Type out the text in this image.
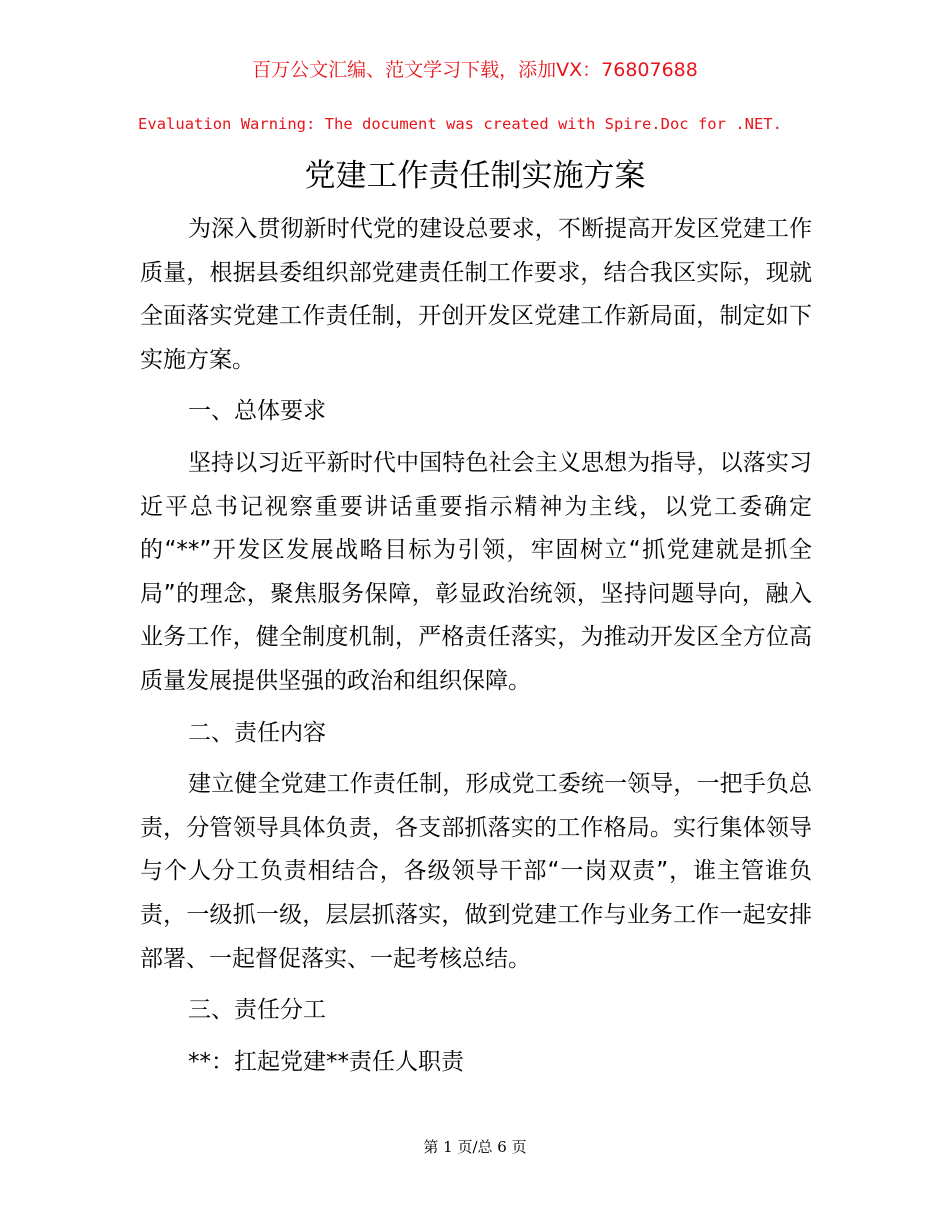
百万公文汇编、范文学习下载，添加VX：76807688
Evaluation Warning: The document was created with Spire.Doc for .NET.
党建工作责任制实施方案

为深入贯彻新时代党的建设总要求，不断提高开发区党建工作质量，根据县委组织部党建责任制工作要求，结合我区实际，现就全面落实党建工作责任制，开创开发区党建工作新局面，制定如下实施方案。

一、总体要求

坚持以习近平新时代中国特色社会主义思想为指导，以落实习近平总书记视察重要讲话重要指示精神为主线，以党工委确定的“**”开发区发展战略目标为引领，牢固树立“抓党建就是抓全局”的理念，聚焦服务保障，彰显政治统领，坚持问题导向，融入业务工作，健全制度机制，严格责任落实，为推动开发区全方位高质量发展提供坚强的政治和组织保障。

二、责任内容

建立健全党建工作责任制，形成党工委统一领导，一把手负总责，分管领导具体负责，各支部抓落实的工作格局。实行集体领导与个人分工负责相结合，各级领导干部“一岗双责”，谁主管谁负责，一级抓一级，层层抓落实，做到党建工作与业务工作一起安排部署、一起督促落实、一起考核总结。

三、责任分工

**：扛起党建**责任人职责

第 1 页/总 6 页
